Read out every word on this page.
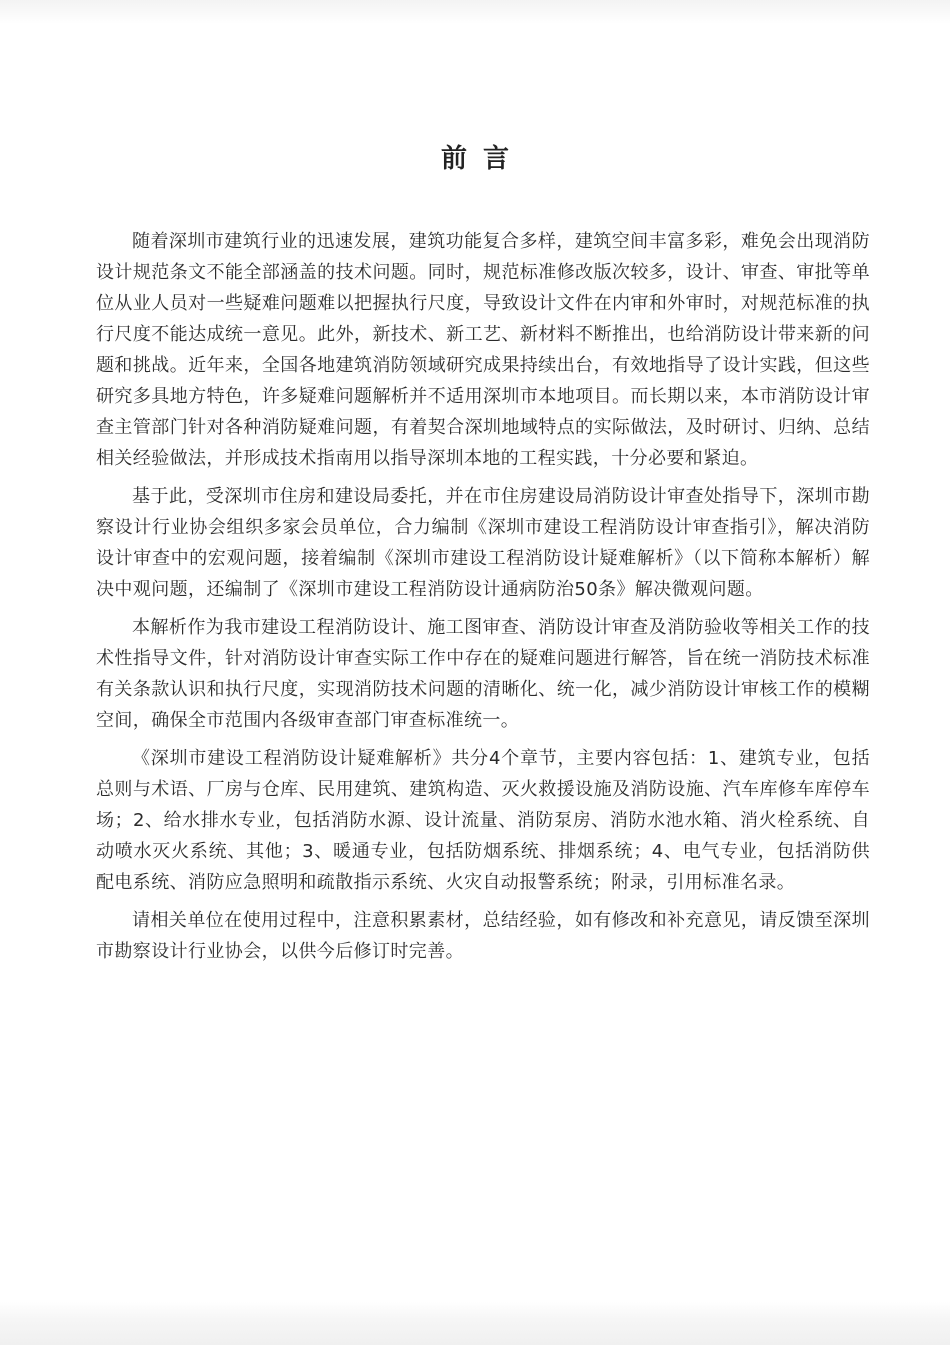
前言

随着深圳市建筑行业的迅速发展，建筑功能复合多样，建筑空间丰富多彩，难免会出现消防设计规范条文不能全部涵盖的技术问题。同时，规范标准修改版次较多，设计、审查、审批等单位从业人员对一些疑难问题难以把握执行尺度，导致设计文件在内审和外审时，对规范标准的执行尺度不能达成统一意见。此外，新技术、新工艺、新材料不断推出，也给消防设计带来新的问题和挑战。近年来，全国各地建筑消防领域研究成果持续出台，有效地指导了设计实践，但这些研究多具地方特色，许多疑难问题解析并不适用深圳市本地项目。而长期以来，本市消防设计审查主管部门针对各种消防疑难问题，有着契合深圳地域特点的实际做法，及时研讨、归纳、总结相关经验做法，并形成技术指南用以指导深圳本地的工程实践，十分必要和紧迫。

基于此，受深圳市住房和建设局委托，并在市住房建设局消防设计审查处指导下，深圳市勘察设计行业协会组织多家会员单位，合力编制《深圳市建设工程消防设计审查指引》，解决消防设计审查中的宏观问题，接着编制《深圳市建设工程消防设计疑难解析》（以下简称本解析）解决中观问题，还编制了《深圳市建设工程消防设计通病防治50条》解决微观问题。

本解析作为我市建设工程消防设计、施工图审查、消防设计审查及消防验收等相关工作的技术性指导文件，针对消防设计审查实际工作中存在的疑难问题进行解答，旨在统一消防技术标准有关条款认识和执行尺度，实现消防技术问题的清晰化、统一化，减少消防设计审核工作的模糊空间，确保全市范围内各级审查部门审查标准统一。

《深圳市建设工程消防设计疑难解析》共分4个章节，主要内容包括：1、建筑专业，包括总则与术语、厂房与仓库、民用建筑、建筑构造、灭火救援设施及消防设施、汽车库修车库停车场；2、给水排水专业，包括消防水源、设计流量、消防泵房、消防水池水箱、消火栓系统、自动喷水灭火系统、其他；3、暖通专业，包括防烟系统、排烟系统；4、电气专业，包括消防供配电系统、消防应急照明和疏散指示系统、火灾自动报警系统；附录，引用标准名录。

请相关单位在使用过程中，注意积累素材，总结经验，如有修改和补充意见，请反馈至深圳市勘察设计行业协会，以供今后修订时完善。
